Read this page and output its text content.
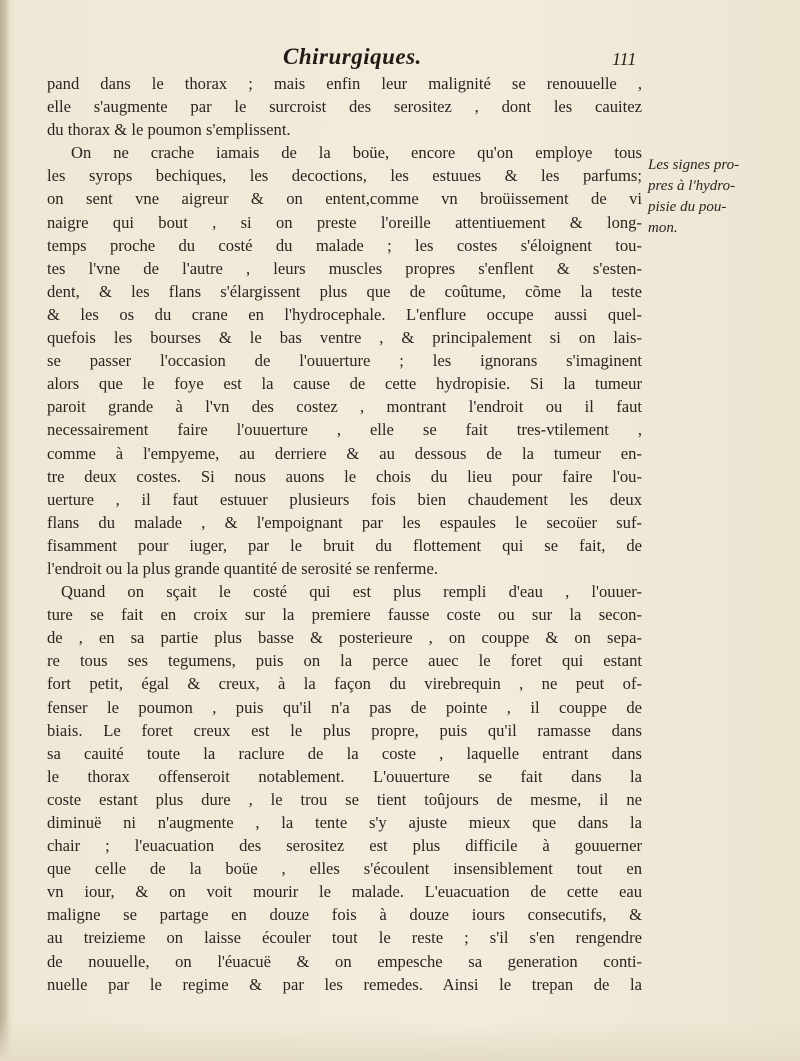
Chirurgiques.	111
Les signes pro-
pres à l'hydro-
pisie du pou-
mon.
pand dans le thorax ; mais enfin leur malignité se renouuelle ,
elle s'augmente par le surcroist des serositez , dont les cauitez
du thorax & le poumon s'emplissent.
On ne crache iamais de la boüe, encore qu'on employe tous
les syrops bechiques, les decoctions, les estuues & les parfums;
on sent vne aigreur & on entent,comme vn broüissement de vi
naigre qui bout , si on preste l'oreille attentiuement & long-
temps proche du costé du malade ; les costes s'éloignent tou-
tes l'vne de l'autre , leurs muscles propres s'enflent & s'esten-
dent, & les flans s'élargissent plus que de coûtume, cõme la teste
& les os du crane en l'hydrocephale. L'enflure occupe aussi quel-
quefois les bourses & le bas ventre , & principalement si on lais-
se passer l'occasion de l'ouuerture ; les ignorans s'imaginent
alors que le foye est la cause de cette hydropisie. Si la tumeur
paroit grande à l'vn des costez , montrant l'endroit ou il faut
necessairement faire l'ouuerture , elle se fait tres-vtilement ,
comme à l'empyeme, au derriere & au dessous de la tumeur en-
tre deux costes. Si nous auons le chois du lieu pour faire l'ou-
uerture , il faut estuuer plusieurs fois bien chaudement les deux
flans du malade , & l'empoignant par les espaules le secoüer suf-
fisamment pour iuger, par le bruit du flottement qui se fait, de
l'endroit ou la plus grande quantité de serosité se renferme.
Quand on sçait le costé qui est plus rempli d'eau , l'ouuer-
ture se fait en croix sur la premiere fausse coste ou sur la secon-
de , en sa partie plus basse & posterieure , on couppe & on sepa-
re tous ses tegumens, puis on la perce auec le foret qui estant
fort petit, égal & creux, à la façon du virebrequin , ne peut of-
fenser le poumon , puis qu'il n'a pas de pointe , il couppe de
biais. Le foret creux est le plus propre, puis qu'il ramasse dans
sa cauité toute la raclure de la coste , laquelle entrant dans
le thorax offenseroit notablement. L'ouuerture se fait dans la
coste estant plus dure , le trou se tient toûjours de mesme, il ne
diminuë ni n'augmente , la tente s'y ajuste mieux que dans la
chair ; l'euacuation des serositez est plus difficile à gouuerner
que celle de la boüe , elles s'écoulent insensiblement tout en
vn iour, & on voit mourir le malade. L'euacuation de cette eau
maligne se partage en douze fois à douze iours consecutifs, &
au treizieme on laisse écouler tout le reste ; s'il s'en rengendre
de nouuelle, on l'éuacuë & on empesche sa generation conti-
nuelle par le regime & par les remedes. Ainsi le trepan de la
